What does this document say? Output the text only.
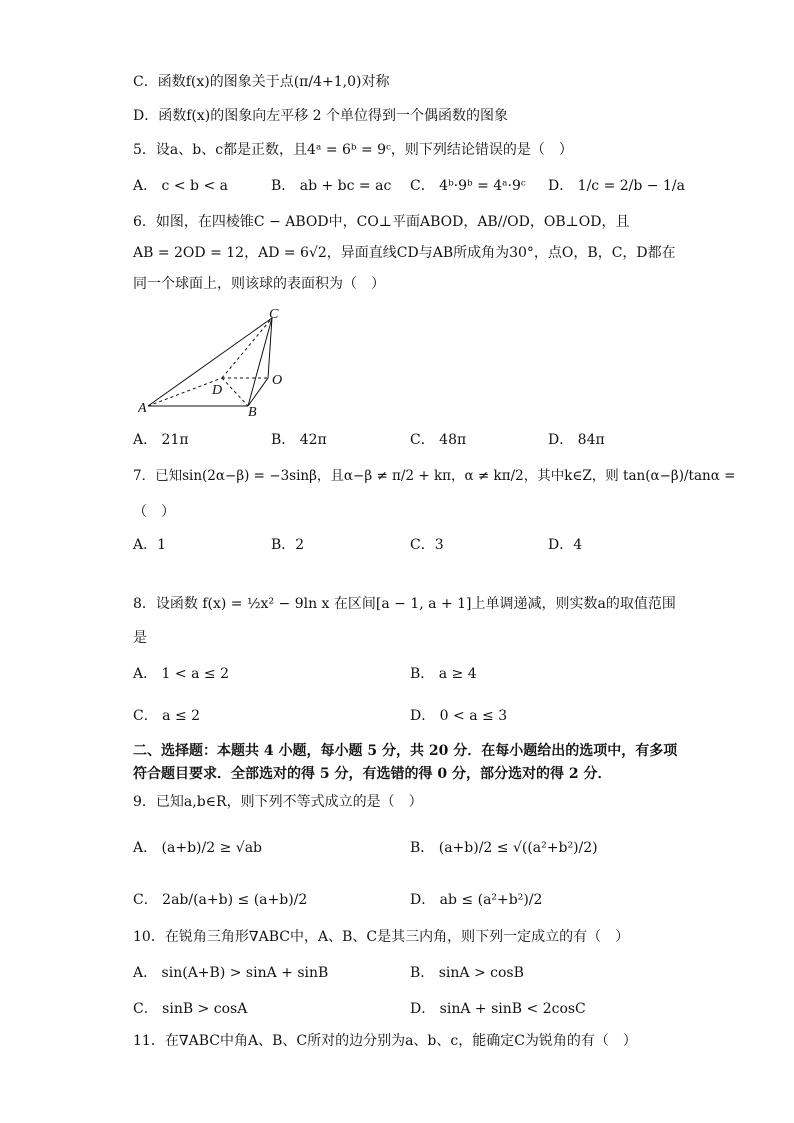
C．函数f(x)的图象关于点(π/4+1,0)对称
D．函数f(x)的图象向左平移 2 个单位得到一个偶函数的图象
5．设a、b、c都是正数，且4ᵃ = 6ᵇ = 9ᶜ，则下列结论错误的是（　）
A． c < b < a	B． ab + bc = ac C． 4ᵇ·9ᵇ = 4ᵃ·9ᶜ D． 1/c = 2/b − 1/a
6．如图，在四棱锥C − ABOD中，CO⊥平面ABOD，AB//OD，OB⊥OD，且
AB = 2OD = 12，AD = 6√2，异面直线CD与AB所成角为30°，点O，B，C，D都在
同一个球面上，则该球的表面积为（　）
C
D
O
A	B
A． 21π	B． 42π	C． 48π	D． 84π
7．已知sin(2α−β) = −3sinβ，且α−β ≠ π/2 + kπ，α ≠ kπ/2，其中k∈Z，则 tan(α−β)/tanα =
（　）
A．1	B．2	C．3	D．4
8．设函数 f(x) = ½x² − 9ln x 在区间[a − 1, a + 1]上单调递减，则实数a的取值范围
是
A． 1 < a ≤ 2	B． a ≥ 4
C． a ≤ 2	D． 0 < a ≤ 3
二、选择题：本题共 4 小题，每小题 5 分，共 20 分．在每小题给出的选项中，有多项
符合题目要求．全部选对的得 5 分，有选错的得 0 分，部分选对的得 2 分．
9．已知a,b∈R，则下列不等式成立的是（　）
A． (a+b)/2 ≥ √ab	B． (a+b)/2 ≤ √((a²+b²)/2)
C． 2ab/(a+b) ≤ (a+b)/2	D． ab ≤ (a²+b²)/2
10．在锐角三角形∇ABC中，A、B、C是其三内角，则下列一定成立的有（　）
A． sin(A+B) > sinA + sinB	B． sinA > cosB
C． sinB > cosA	D． sinA + sinB < 2cosC
11．在∇ABC中角A、B、C所对的边分别为a、b、c，能确定C为锐角的有（　）
